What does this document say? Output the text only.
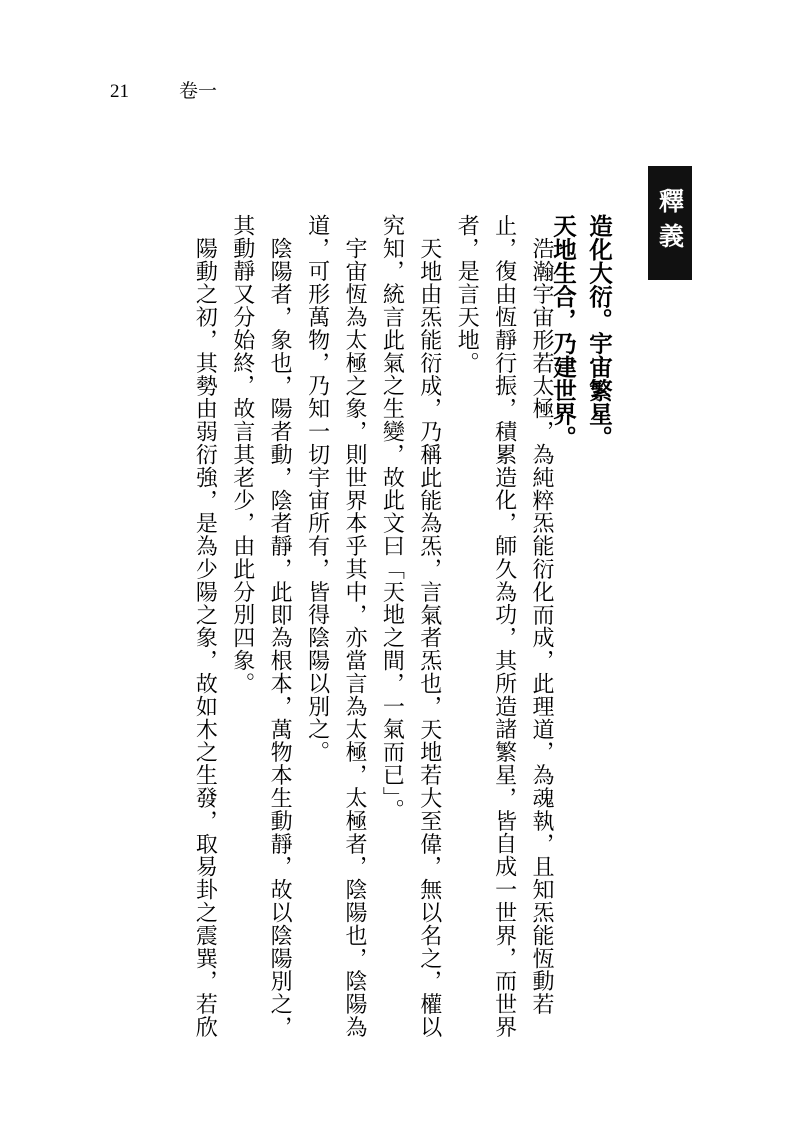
21	卷一
釋義
造化大衍。宇宙繁星。
天地生合，乃建世界。

浩瀚宇宙形若太極，為純粹炁能衍化而成，此理道，為魂執，且知炁能恆動若止，復由恆靜行振，積累造化，師久為功，其所造諸繁星，皆自成一世界，而世界者，是言天地。

天地由炁能衍成，乃稱此能為炁，言氣者炁也，天地若大至偉，無以名之，權以究知，統言此氣之生變，故此文曰「天地之間，一氣而已」。

宇宙恆為太極之象，則世界本乎其中，亦當言為太極，太極者，陰陽也，陰陽為道，可形萬物，乃知一切宇宙所有，皆得陰陽以別之。

陰陽者，象也，陽者動，陰者靜，此即為根本，萬物本生動靜，故以陰陽別之，其動靜又分始終，故言其老少，由此分別四象。

陽動之初，其勢由弱衍強，是為少陽之象，故如木之生發，取易卦之震巽，若欣
